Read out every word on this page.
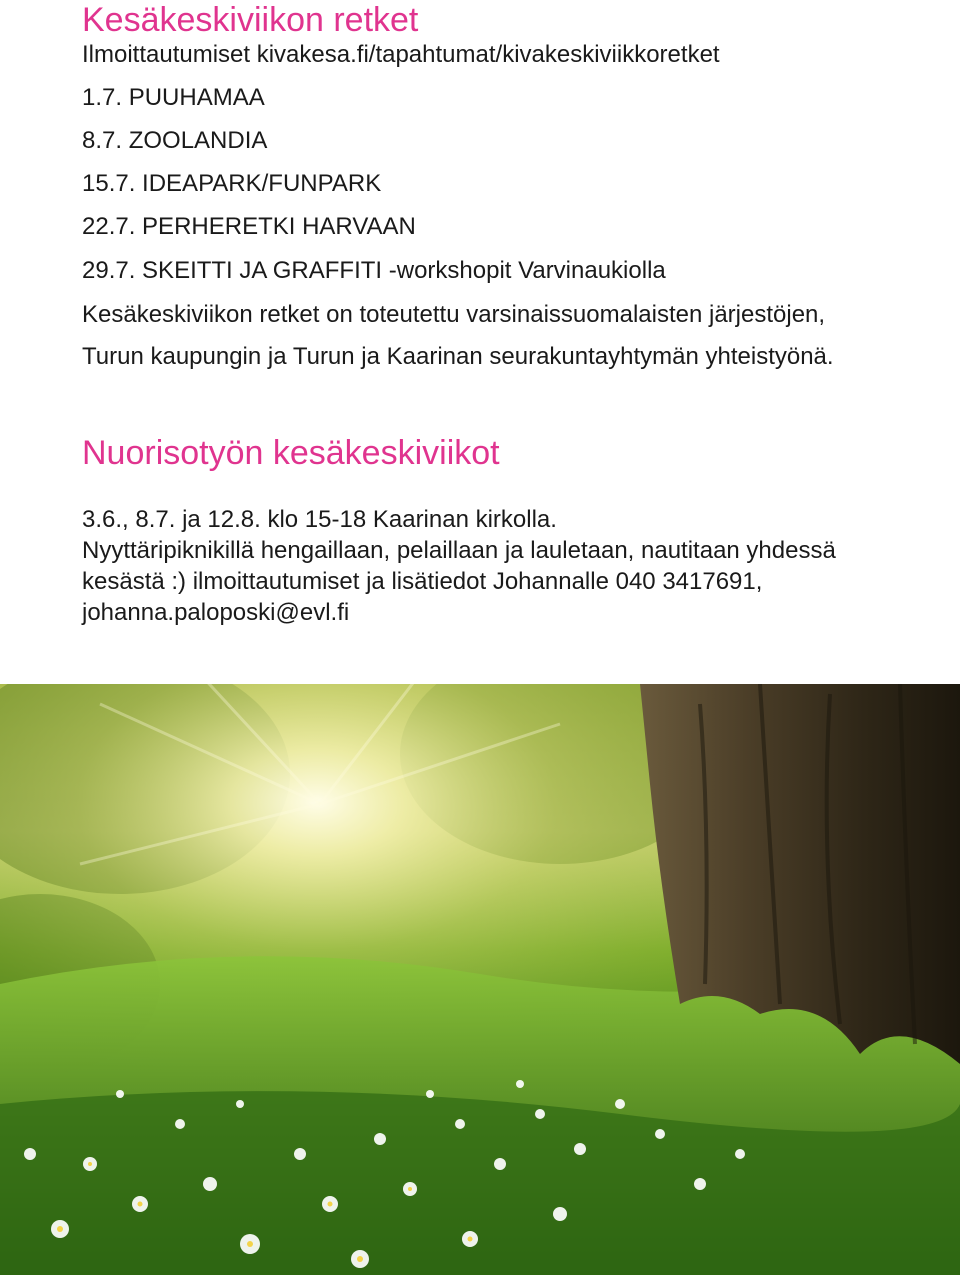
Kesäkeskiviikon retket

Ilmoittautumiset kivakesa.fi/tapahtumat/kivakeskiviikkoretket

1.7. PUUHAMAA

8.7. ZOOLANDIA

15.7. IDEAPARK/FUNPARK

22.7. PERHERETKI HARVAAN

29.7. SKEITTI JA GRAFFITI -workshopit Varvinaukiolla

Kesäkeskiviikon retket on toteutettu varsinaissuomalaisten järjestöjen,

Turun kaupungin ja Turun ja Kaarinan seurakuntayhtymän yhteistyönä.

Nuorisotyön kesäkeskiviikot

3.6., 8.7. ja 12.8. klo 15-18 Kaarinan kirkolla.

Nyyttäripiknikillä hengaillaan, pelaillaan ja lauletaan, nautitaan yhdessä

kesästä :) ilmoittautumiset ja lisätiedot Johannalle 040 3417691,

johanna.paloposki@evl.fi
